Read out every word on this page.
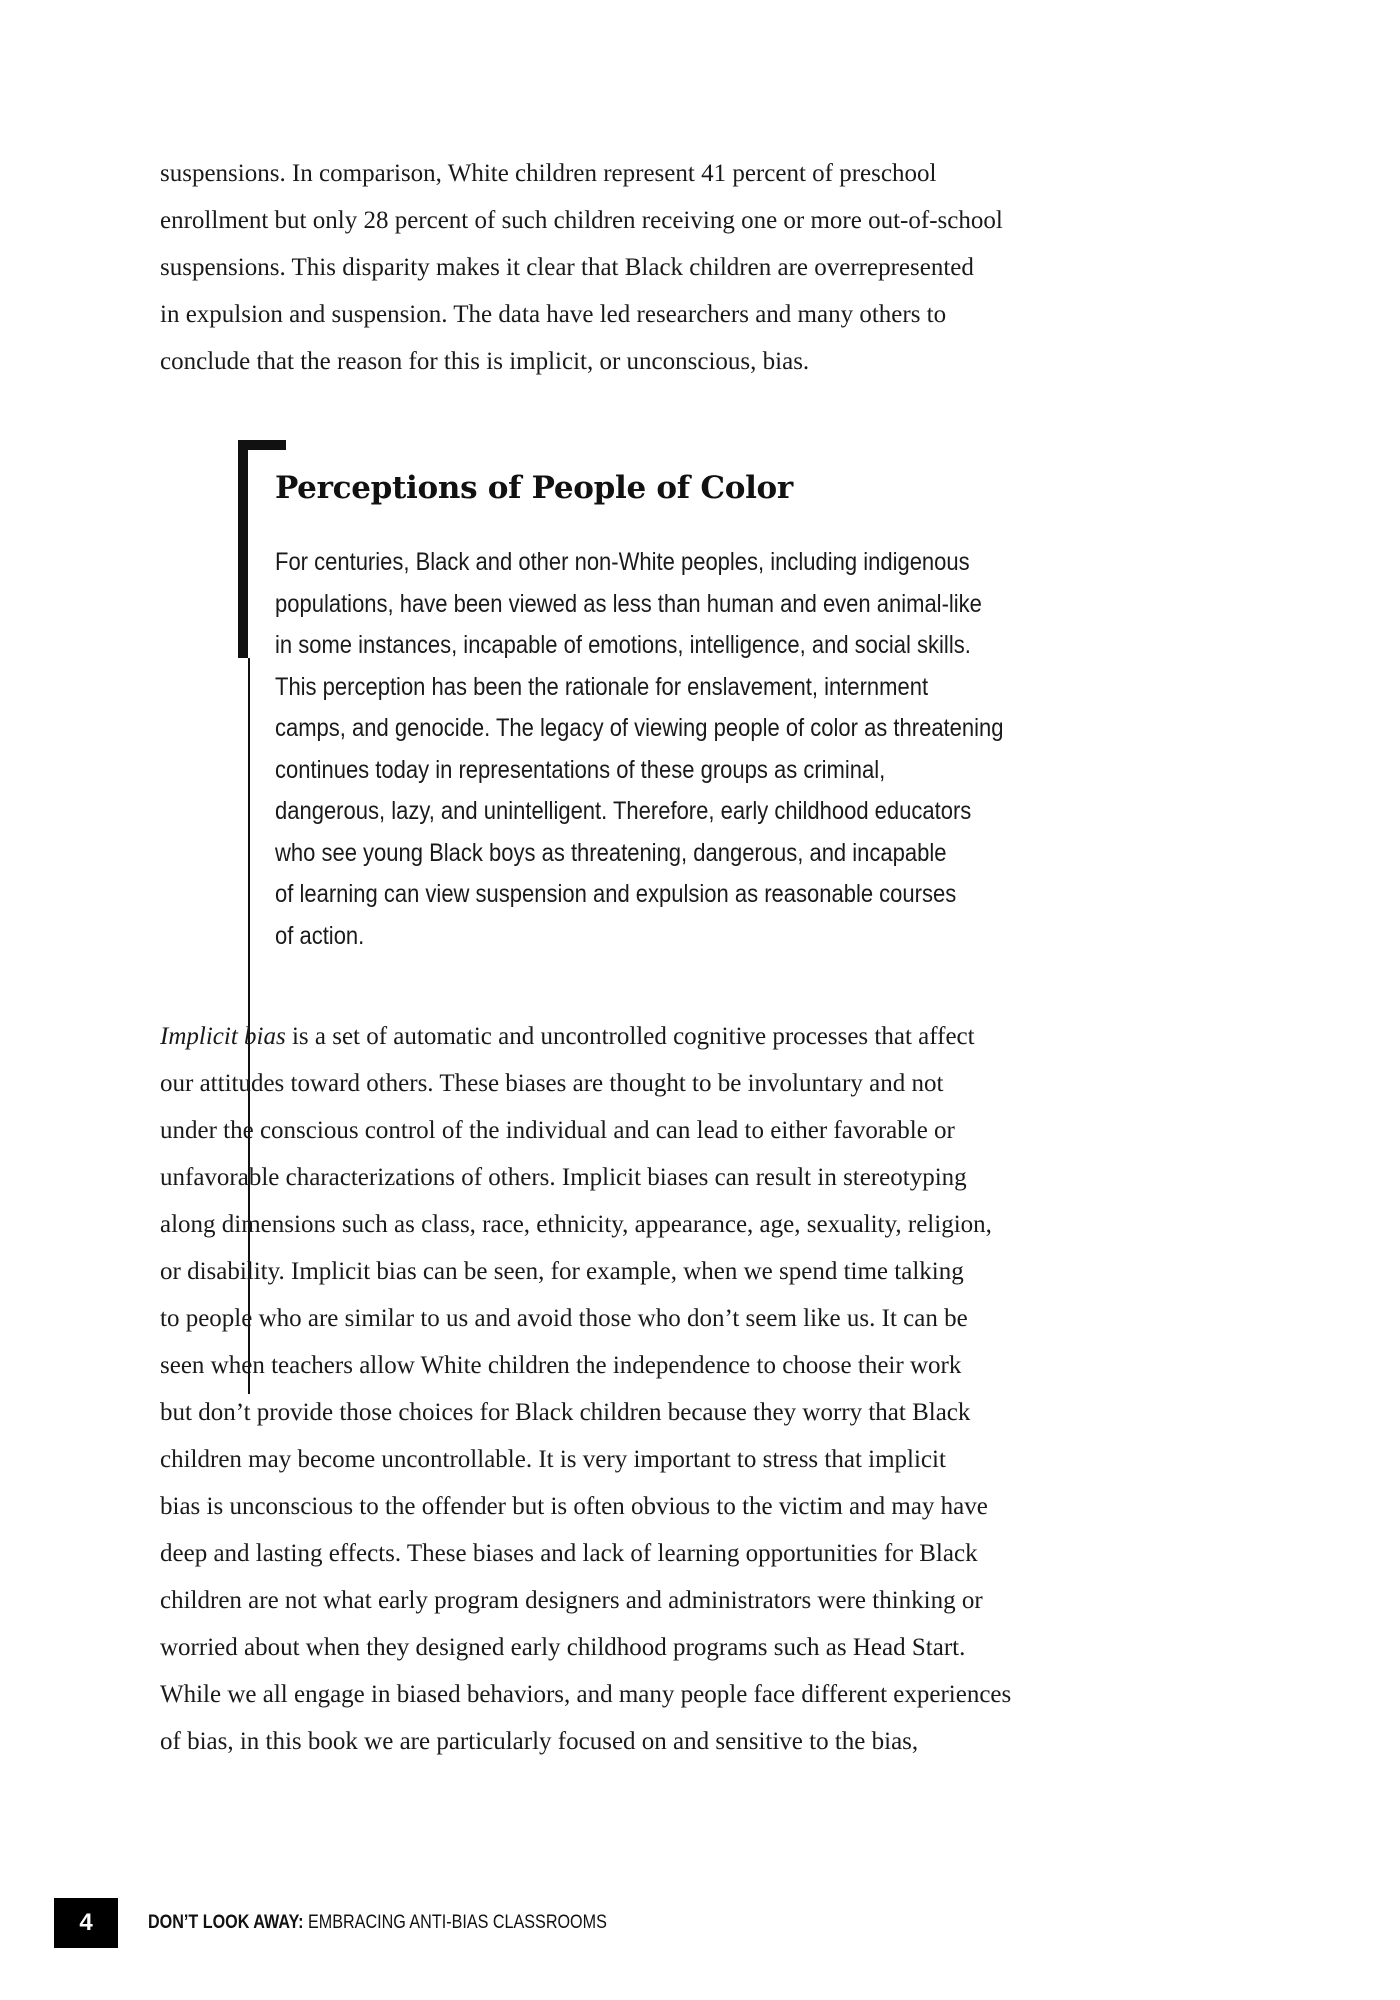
suspensions. In comparison, White children represent 41 percent of preschool
enrollment but only 28 percent of such children receiving one or more out-of-school
suspensions. This disparity makes it clear that Black children are overrepresented
in expulsion and suspension. The data have led researchers and many others to
conclude that the reason for this is implicit, or unconscious, bias.
Perceptions of People of Color
For centuries, Black and other non-White peoples, including indigenous
populations, have been viewed as less than human and even animal-like
in some instances, incapable of emotions, intelligence, and social skills.
This perception has been the rationale for enslavement, internment
camps, and genocide. The legacy of viewing people of color as threatening
continues today in representations of these groups as criminal,
dangerous, lazy, and unintelligent. Therefore, early childhood educators
who see young Black boys as threatening, dangerous, and incapable
of learning can view suspension and expulsion as reasonable courses
of action.
Implicit bias is a set of automatic and uncontrolled cognitive processes that affect
our attitudes toward others. These biases are thought to be involuntary and not
under the conscious control of the individual and can lead to either favorable or
unfavorable characterizations of others. Implicit biases can result in stereotyping
along dimensions such as class, race, ethnicity, appearance, age, sexuality, religion,
or disability. Implicit bias can be seen, for example, when we spend time talking
to people who are similar to us and avoid those who don’t seem like us. It can be
seen when teachers allow White children the independence to choose their work
but don’t provide those choices for Black children because they worry that Black
children may become uncontrollable. It is very important to stress that implicit
bias is unconscious to the offender but is often obvious to the victim and may have
deep and lasting effects. These biases and lack of learning opportunities for Black
children are not what early program designers and administrators were thinking or
worried about when they designed early childhood programs such as Head Start.
While we all engage in biased behaviors, and many people face different experiences
of bias, in this book we are particularly focused on and sensitive to the bias,
4	DON’T LOOK AWAY: EMBRACING ANTI-BIAS CLASSROOMS
